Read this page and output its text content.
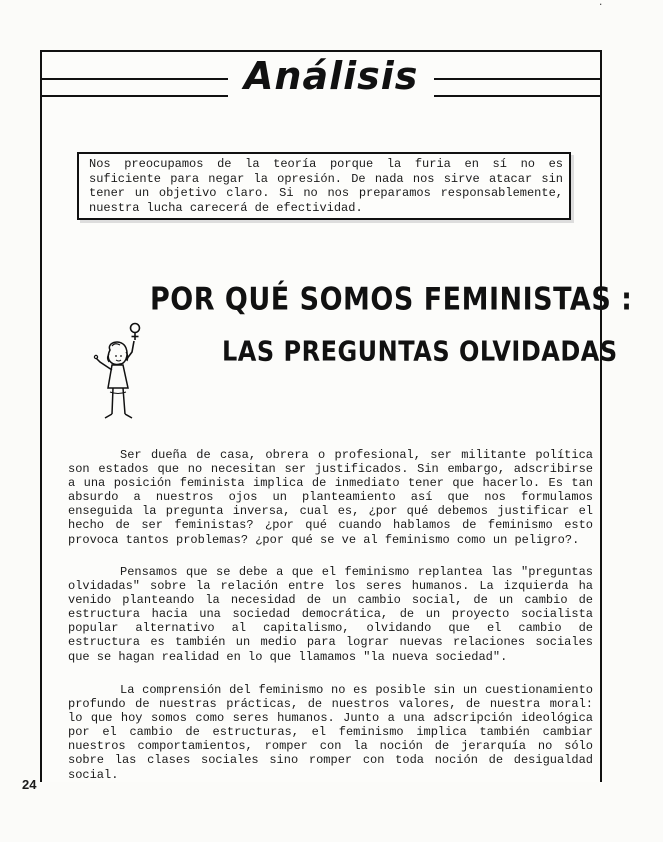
·

Análisis
Nos preocupamos de la teoría porque la furia en sí no es suficiente para negar la opresión. De nada nos sirve atacar sin tener un objetivo claro. Si no nos preparamos responsablemente, nuestra lucha carecerá de efectividad.
POR QUÉ SOMOS FEMINISTAS :
LAS PREGUNTAS OLVIDADAS
Ser dueña de casa, obrera o profesional, ser militante política son estados que no necesitan ser justificados. Sin embargo, adscribirse a una posición feminista implica de inmediato tener que hacerlo. Es tan absurdo a nuestros ojos un planteamiento así que nos formulamos enseguida la pregunta inversa, cual es, ¿por qué debemos justificar el hecho de ser feministas? ¿por qué cuando hablamos de feminismo esto provoca tantos problemas? ¿por qué se ve al feminismo como un peligro?.
Pensamos que se debe a que el feminismo replantea las "preguntas olvidadas" sobre la relación entre los seres humanos. La izquierda ha venido planteando la necesidad de un cambio social, de un cambio de estructura hacia una sociedad democrática, de un proyecto socialista popular alternativo al capitalismo, olvidando que el cambio de estructura es también un medio para lograr nuevas relaciones sociales que se hagan realidad en lo que llamamos "la nueva sociedad".
La comprensión del feminismo no es posible sin un cuestionamiento profundo de nuestras prácticas, de nuestros valores, de nuestra moral: lo que hoy somos como seres humanos. Junto a una adscripción ideológica por el cambio de estructuras, el feminismo implica también cambiar nuestros comportamientos, romper con la noción de jerarquía no sólo sobre las clases sociales sino romper con toda noción de desigualdad social.
24
